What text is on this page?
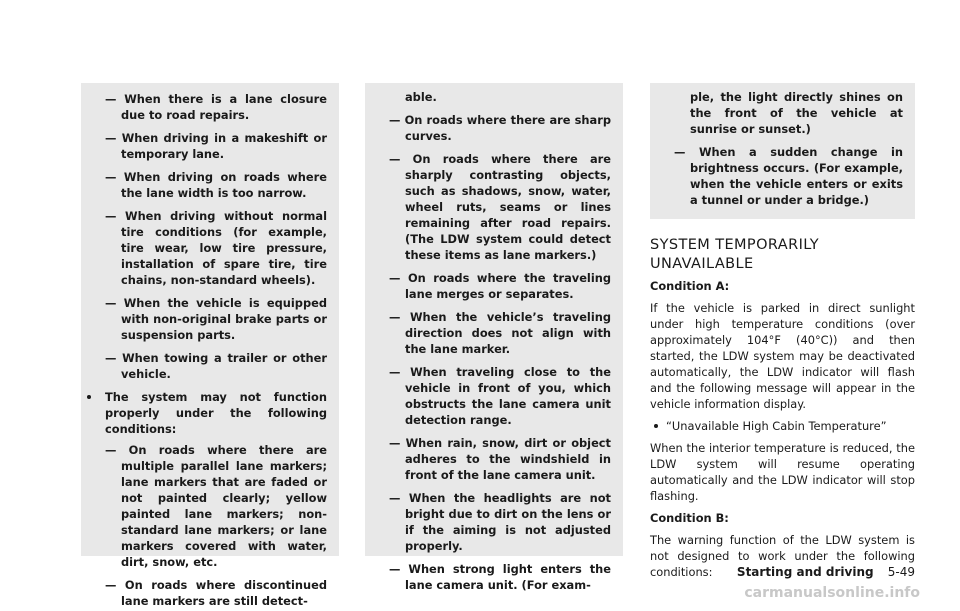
— When there is a lane closure due to road repairs.
— When driving in a makeshift or temporary lane.
— When driving on roads where the lane width is too narrow.
— When driving without normal tire conditions (for example, tire wear, low tire pressure, installation of spare tire, tire chains, non-standard wheels).
— When the vehicle is equipped with non-original brake parts or suspension parts.
— When towing a trailer or other vehicle.
The system may not function properly under the following conditions:
— On roads where there are multiple parallel lane markers; lane markers that are faded or not painted clearly; yellow painted lane markers; non-standard lane markers; or lane markers covered with water, dirt, snow, etc.
— On roads where discontinued lane markers are still detect-
able.
— On roads where there are sharp curves.
— On roads where there are sharply contrasting objects, such as shadows, snow, water, wheel ruts, seams or lines remaining after road repairs. (The LDW system could detect these items as lane markers.)
— On roads where the traveling lane merges or separates.
— When the vehicle’s traveling direction does not align with the lane marker.
— When traveling close to the vehicle in front of you, which obstructs the lane camera unit detection range.
— When rain, snow, dirt or object adheres to the windshield in front of the lane camera unit.
— When the headlights are not bright due to dirt on the lens or if the aiming is not adjusted properly.
— When strong light enters the lane camera unit. (For exam-
ple, the light directly shines on the front of the vehicle at sunrise or sunset.)
— When a sudden change in brightness occurs. (For example, when the vehicle enters or exits a tunnel or under a bridge.)
SYSTEM TEMPORARILY UNAVAILABLE
Condition A:
If the vehicle is parked in direct sunlight under high temperature conditions (over approximately 104°F (40°C)) and then started, the LDW system may be deactivated automatically, the LDW indicator will flash and the following message will appear in the vehicle information display.
“Unavailable High Cabin Temperature”
When the interior temperature is reduced, the LDW system will resume operating automatically and the LDW indicator will stop flashing.
Condition B:
The warning function of the LDW system is not designed to work under the following conditions:	Starting and driving 5-49
carmanualsonline.info
